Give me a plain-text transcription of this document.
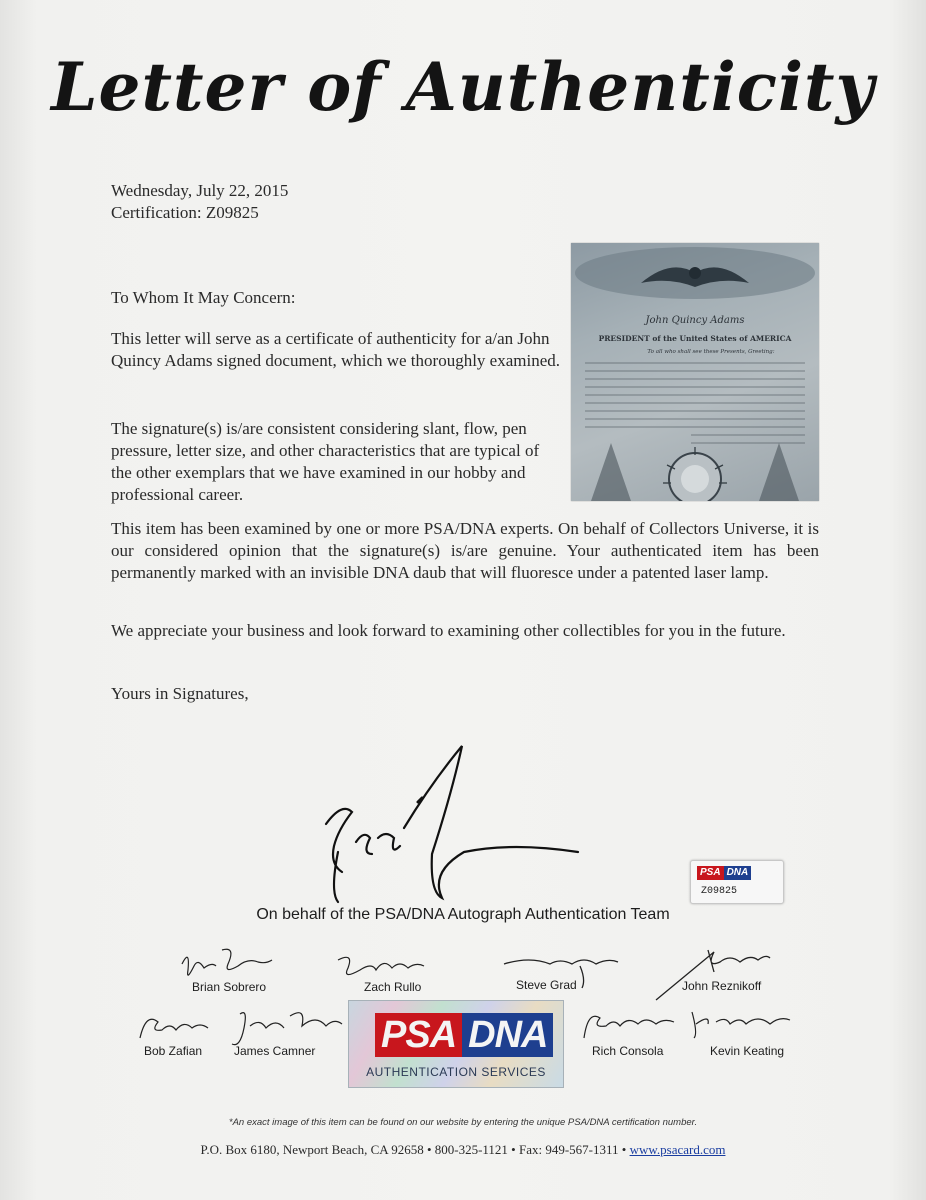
Letter of Authenticity
Wednesday, July 22, 2015
Certification: Z09825
John Quincy Adams
PRESIDENT of the United States of AMERICA
To all who shall see these Presents, Greeting:
To Whom It May Concern:
This letter will serve as a certificate of authenticity for a/an John Quincy Adams signed document, which we thoroughly examined.
The signature(s) is/are consistent considering slant, flow, pen pressure, letter size, and other characteristics that are typical of the other exemplars that we have examined in our hobby and professional career.
This item has been examined by one or more PSA/DNA experts. On behalf of Collectors Universe, it is our considered opinion that the signature(s) is/are genuine. Your authenticated item has been permanently marked with an invisible DNA daub that will fluoresce under a patented laser lamp.
We appreciate your business and look forward to examining other collectibles for you in the future.
Yours in Signatures,
PSA DNA
Z09825
On behalf of the PSA/DNA Autograph Authentication Team
Brian Sobrero	Zach Rullo	Steve Grad	John Reznikoff
Bob Zafian	James Camner	Rich Consola	Kevin Keating
PSA DNA
AUTHENTICATION SERVICES
*An exact image of this item can be found on our website by entering the unique PSA/DNA certification number.
P.O. Box 6180, Newport Beach, CA 92658 • 800-325-1121 • Fax: 949-567-1311 • www.psacard.com
